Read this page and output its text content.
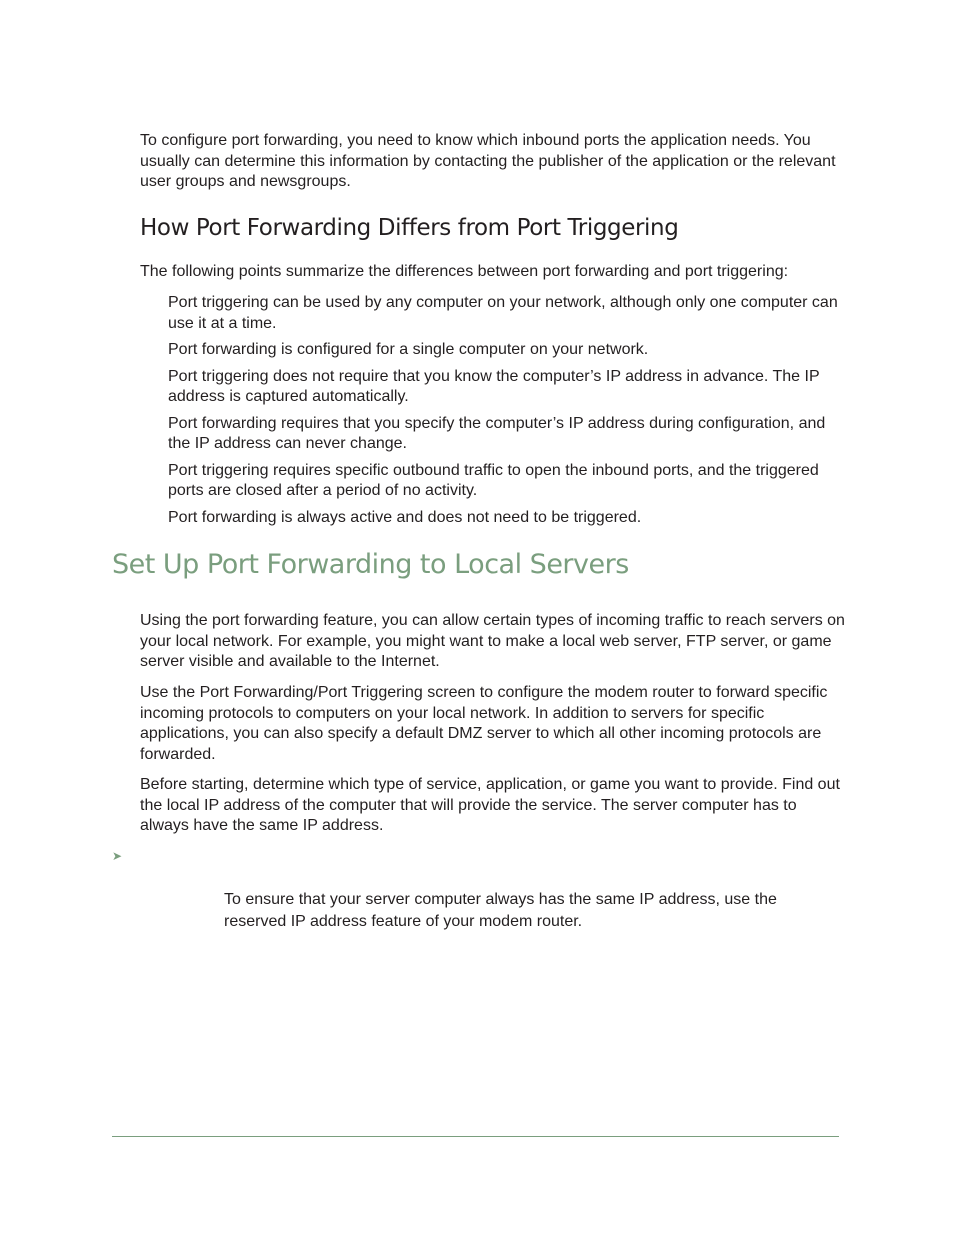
To configure port forwarding, you need to know which inbound ports the application needs. You usually can determine this information by contacting the publisher of the application or the relevant user groups and newsgroups.

How Port Forwarding Differs from Port Triggering

The following points summarize the differences between port forwarding and port triggering:

Port triggering can be used by any computer on your network, although only one computer can use it at a time.
Port forwarding is configured for a single computer on your network.
Port triggering does not require that you know the computer’s IP address in advance. The IP address is captured automatically.
Port forwarding requires that you specify the computer’s IP address during configuration, and the IP address can never change.
Port triggering requires specific outbound traffic to open the inbound ports, and the triggered ports are closed after a period of no activity.
Port forwarding is always active and does not need to be triggered.
Set Up Port Forwarding to Local Servers

Using the port forwarding feature, you can allow certain types of incoming traffic to reach servers on your local network. For example, you might want to make a local web server, FTP server, or game server visible and available to the Internet.

Use the Port Forwarding/Port Triggering screen to configure the modem router to forward specific incoming protocols to computers on your local network. In addition to servers for specific applications, you can also specify a default DMZ server to which all other incoming protocols are forwarded.

Before starting, determine which type of service, application, or game you want to provide. Find out the local IP address of the computer that will provide the service. The server computer has to always have the same IP address.

➤

To ensure that your server computer always has the same IP address, use the reserved IP address feature of your modem router.
